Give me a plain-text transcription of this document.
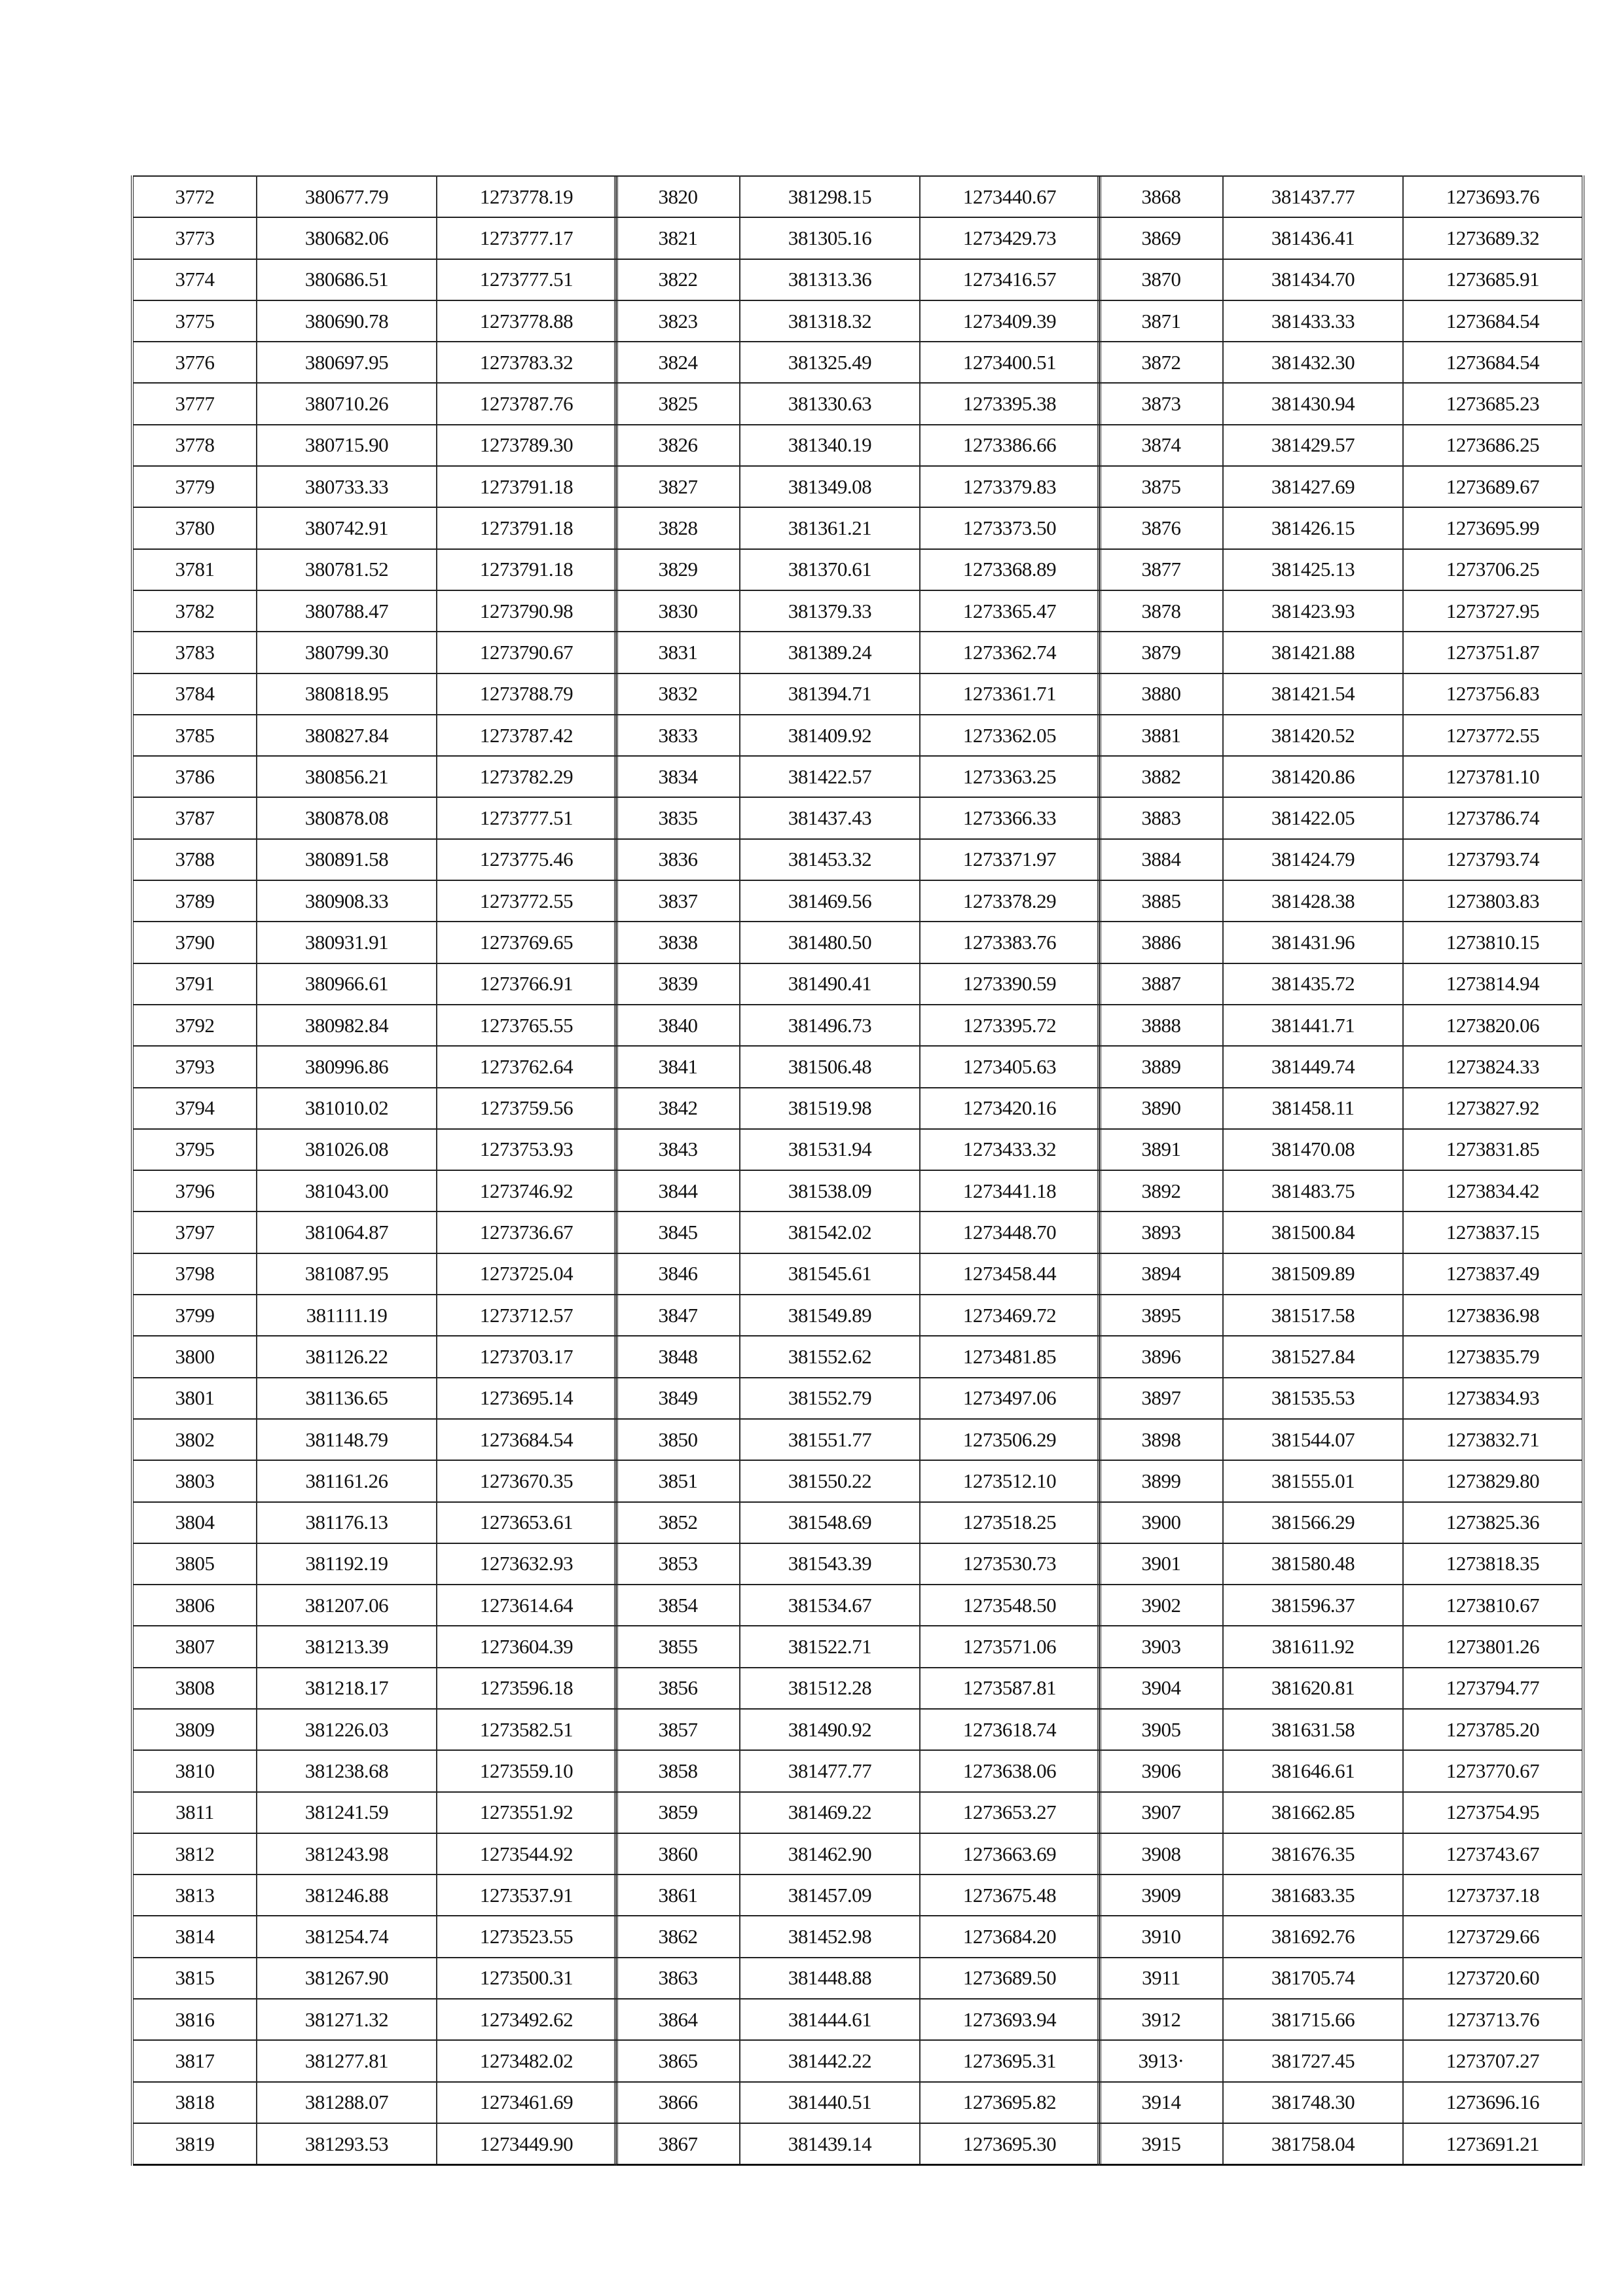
3772	380677.79	1273778.19
3773	380682.06	1273777.17
3774	380686.51	1273777.51
3775	380690.78	1273778.88
3776	380697.95	1273783.32
3777	380710.26	1273787.76
3778	380715.90	1273789.30
3779	380733.33	1273791.18
3780	380742.91	1273791.18
3781	380781.52	1273791.18
3782	380788.47	1273790.98
3783	380799.30	1273790.67
3784	380818.95	1273788.79
3785	380827.84	1273787.42
3786	380856.21	1273782.29
3787	380878.08	1273777.51
3788	380891.58	1273775.46
3789	380908.33	1273772.55
3790	380931.91	1273769.65
3791	380966.61	1273766.91
3792	380982.84	1273765.55
3793	380996.86	1273762.64
3794	381010.02	1273759.56
3795	381026.08	1273753.93
3796	381043.00	1273746.92
3797	381064.87	1273736.67
3798	381087.95	1273725.04
3799	381111.19	1273712.57
3800	381126.22	1273703.17
3801	381136.65	1273695.14
3802	381148.79	1273684.54
3803	381161.26	1273670.35
3804	381176.13	1273653.61
3805	381192.19	1273632.93
3806	381207.06	1273614.64
3807	381213.39	1273604.39
3808	381218.17	1273596.18
3809	381226.03	1273582.51
3810	381238.68	1273559.10
3811	381241.59	1273551.92
3812	381243.98	1273544.92
3813	381246.88	1273537.91
3814	381254.74	1273523.55
3815	381267.90	1273500.31
3816	381271.32	1273492.62
3817	381277.81	1273482.02
3818	381288.07	1273461.69
3819	381293.53	1273449.90
3820	381298.15	1273440.67
3821	381305.16	1273429.73
3822	381313.36	1273416.57
3823	381318.32	1273409.39
3824	381325.49	1273400.51
3825	381330.63	1273395.38
3826	381340.19	1273386.66
3827	381349.08	1273379.83
3828	381361.21	1273373.50
3829	381370.61	1273368.89
3830	381379.33	1273365.47
3831	381389.24	1273362.74
3832	381394.71	1273361.71
3833	381409.92	1273362.05
3834	381422.57	1273363.25
3835	381437.43	1273366.33
3836	381453.32	1273371.97
3837	381469.56	1273378.29
3838	381480.50	1273383.76
3839	381490.41	1273390.59
3840	381496.73	1273395.72
3841	381506.48	1273405.63
3842	381519.98	1273420.16
3843	381531.94	1273433.32
3844	381538.09	1273441.18
3845	381542.02	1273448.70
3846	381545.61	1273458.44
3847	381549.89	1273469.72
3848	381552.62	1273481.85
3849	381552.79	1273497.06
3850	381551.77	1273506.29
3851	381550.22	1273512.10
3852	381548.69	1273518.25
3853	381543.39	1273530.73
3854	381534.67	1273548.50
3855	381522.71	1273571.06
3856	381512.28	1273587.81
3857	381490.92	1273618.74
3858	381477.77	1273638.06
3859	381469.22	1273653.27
3860	381462.90	1273663.69
3861	381457.09	1273675.48
3862	381452.98	1273684.20
3863	381448.88	1273689.50
3864	381444.61	1273693.94
3865	381442.22	1273695.31
3866	381440.51	1273695.82
3867	381439.14	1273695.30
3868	381437.77	1273693.76
3869	381436.41	1273689.32
3870	381434.70	1273685.91
3871	381433.33	1273684.54
3872	381432.30	1273684.54
3873	381430.94	1273685.23
3874	381429.57	1273686.25
3875	381427.69	1273689.67
3876	381426.15	1273695.99
3877	381425.13	1273706.25
3878	381423.93	1273727.95
3879	381421.88	1273751.87
3880	381421.54	1273756.83
3881	381420.52	1273772.55
3882	381420.86	1273781.10
3883	381422.05	1273786.74
3884	381424.79	1273793.74
3885	381428.38	1273803.83
3886	381431.96	1273810.15
3887	381435.72	1273814.94
3888	381441.71	1273820.06
3889	381449.74	1273824.33
3890	381458.11	1273827.92
3891	381470.08	1273831.85
3892	381483.75	1273834.42
3893	381500.84	1273837.15
3894	381509.89	1273837.49
3895	381517.58	1273836.98
3896	381527.84	1273835.79
3897	381535.53	1273834.93
3898	381544.07	1273832.71
3899	381555.01	1273829.80
3900	381566.29	1273825.36
3901	381580.48	1273818.35
3902	381596.37	1273810.67
3903	381611.92	1273801.26
3904	381620.81	1273794.77
3905	381631.58	1273785.20
3906	381646.61	1273770.67
3907	381662.85	1273754.95
3908	381676.35	1273743.67
3909	381683.35	1273737.18
3910	381692.76	1273729.66
3911	381705.74	1273720.60
3912	381715.66	1273713.76
3913·	381727.45	1273707.27
3914	381748.30	1273696.16
3915	381758.04	1273691.21
